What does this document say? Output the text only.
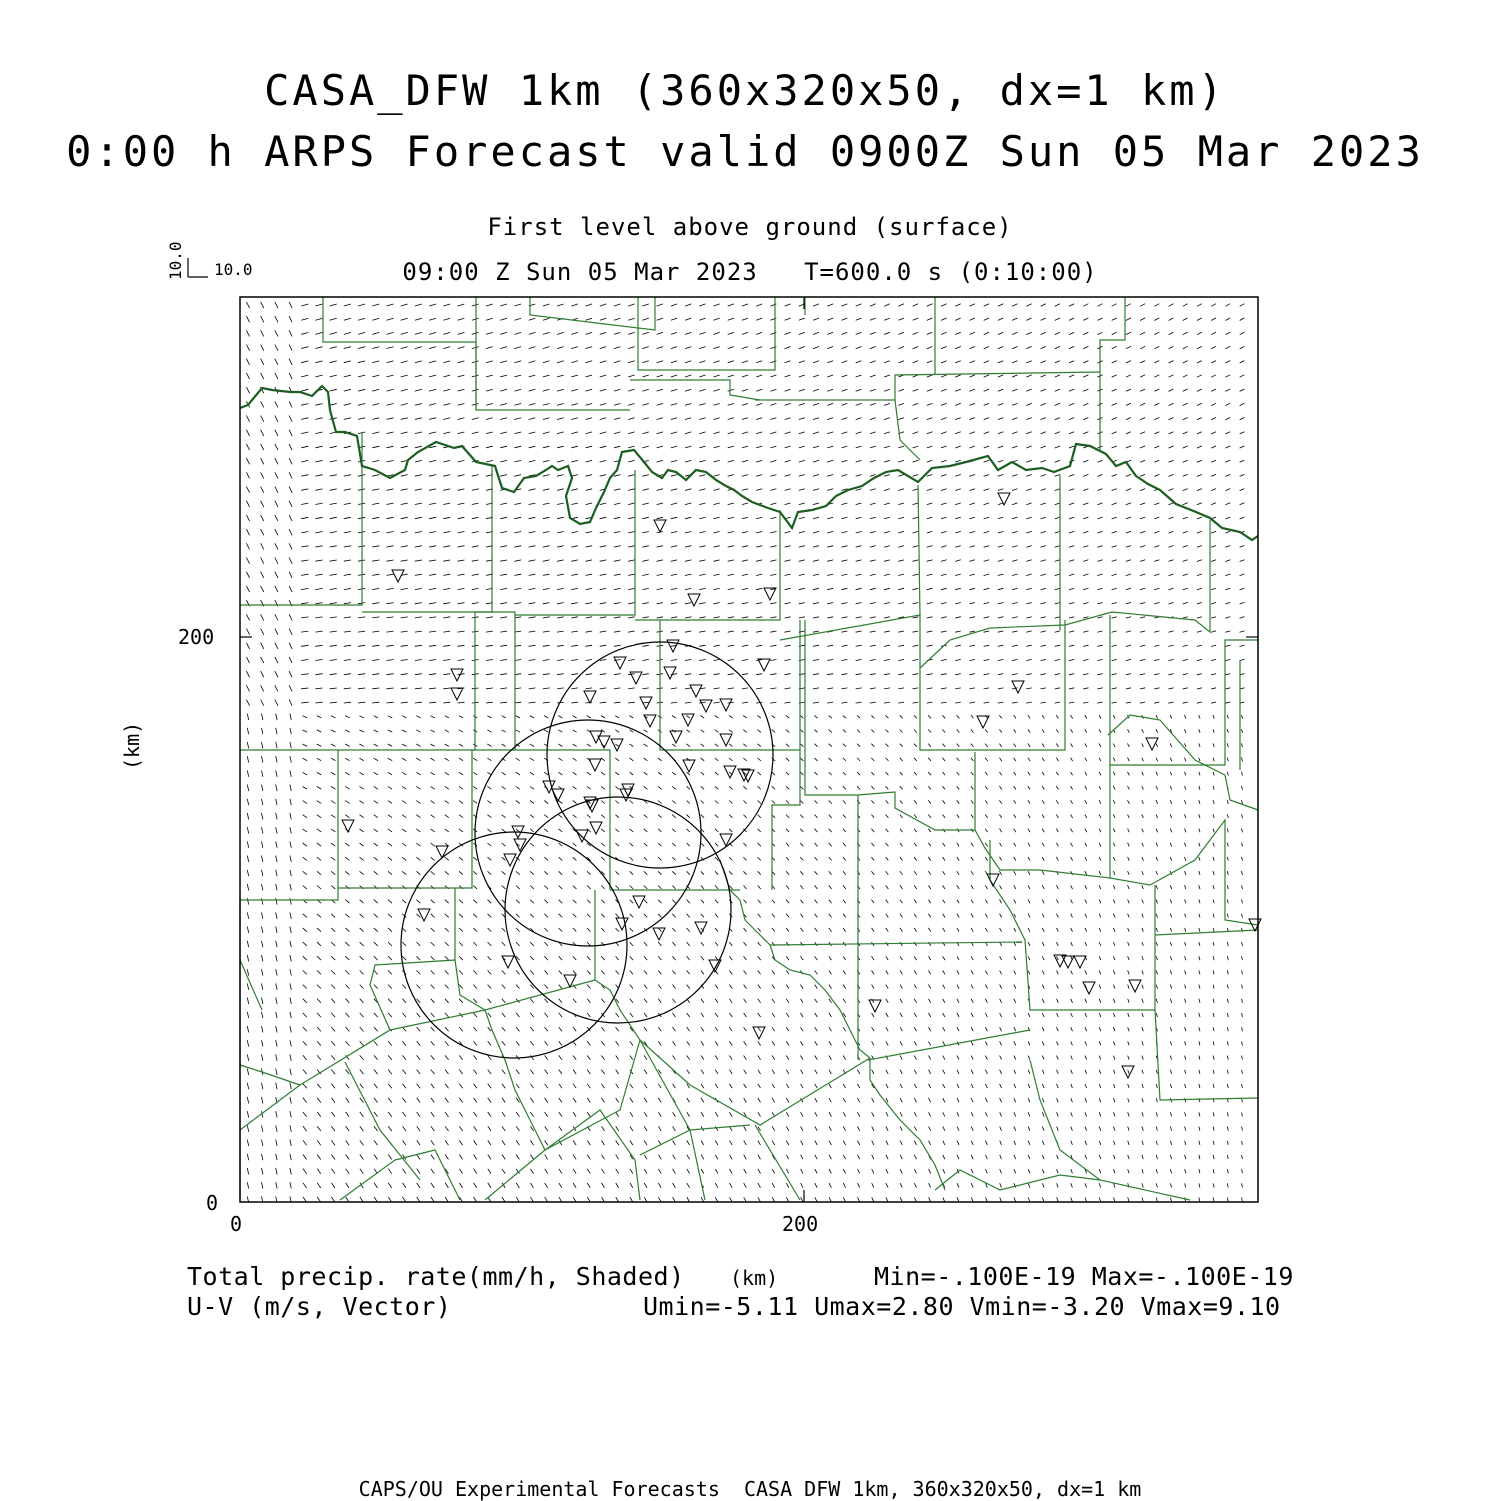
CASA_DFW 1km (360x320x50, dx=1 km)
0:00 h ARPS Forecast valid 0900Z Sun 05 Mar 2023
First level above ground (surface)
09:00 Z Sun 05 Mar 2023   T=600.0 s (0:10:00)
10.0 10.0
(km)
0
200
0	200
(km)
Total precip. rate(mm/h, Shaded)
U-V (m/s, Vector)
Min=-.100E-19 Max=-.100E-19
Umin=-5.11 Umax=2.80 Vmin=-3.20 Vmax=9.10
CAPS/OU Experimental Forecasts  CASA DFW 1km, 360x320x50, dx=1 km
